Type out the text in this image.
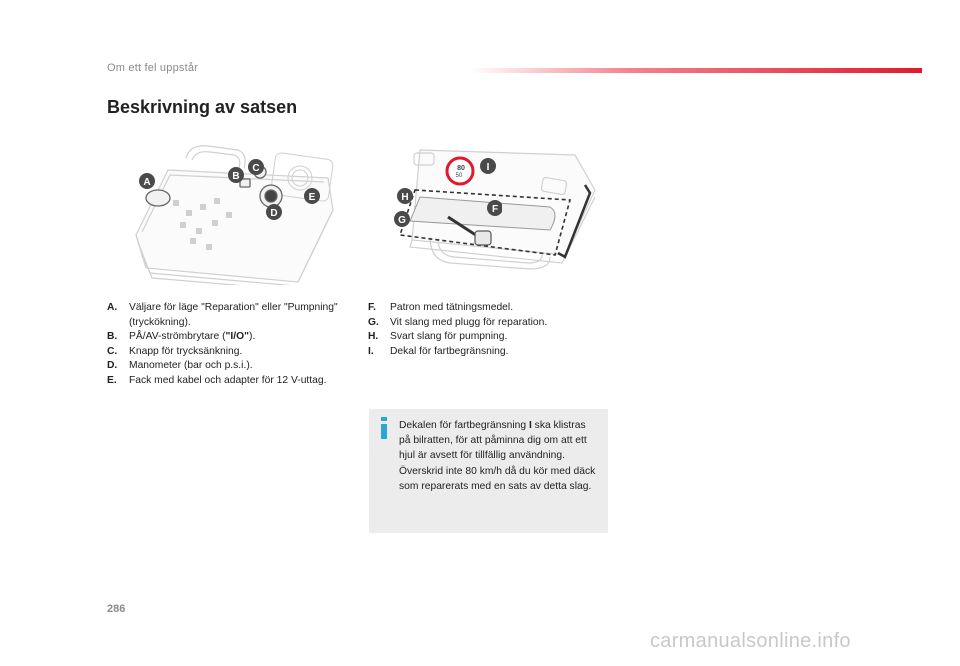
Om ett fel uppstår
Beskrivning av satsen
A
B
C
D
E
80
50
I
H
F
G
A.	Väljare för läge "Reparation" eller "Pumpning" (tryckökning).
B.	PÅ/AV-strömbrytare ("I/O").
C.	Knapp för trycksänkning.
D.	Manometer (bar och p.s.i.).
E.	Fack med kabel och adapter för 12 V-uttag.
F.	Patron med tätningsmedel.
G.	Vit slang med plugg för reparation.
H.	Svart slang för pumpning.
I.	Dekal för fartbegränsning.
Dekalen för fartbegränsning I ska klistras på bilratten, för att påminna dig om att ett hjul är avsett för tillfällig användning.
Överskrid inte 80 km/h då du kör med däck som reparerats med en sats av detta slag.
286
carmanualsonline.info
